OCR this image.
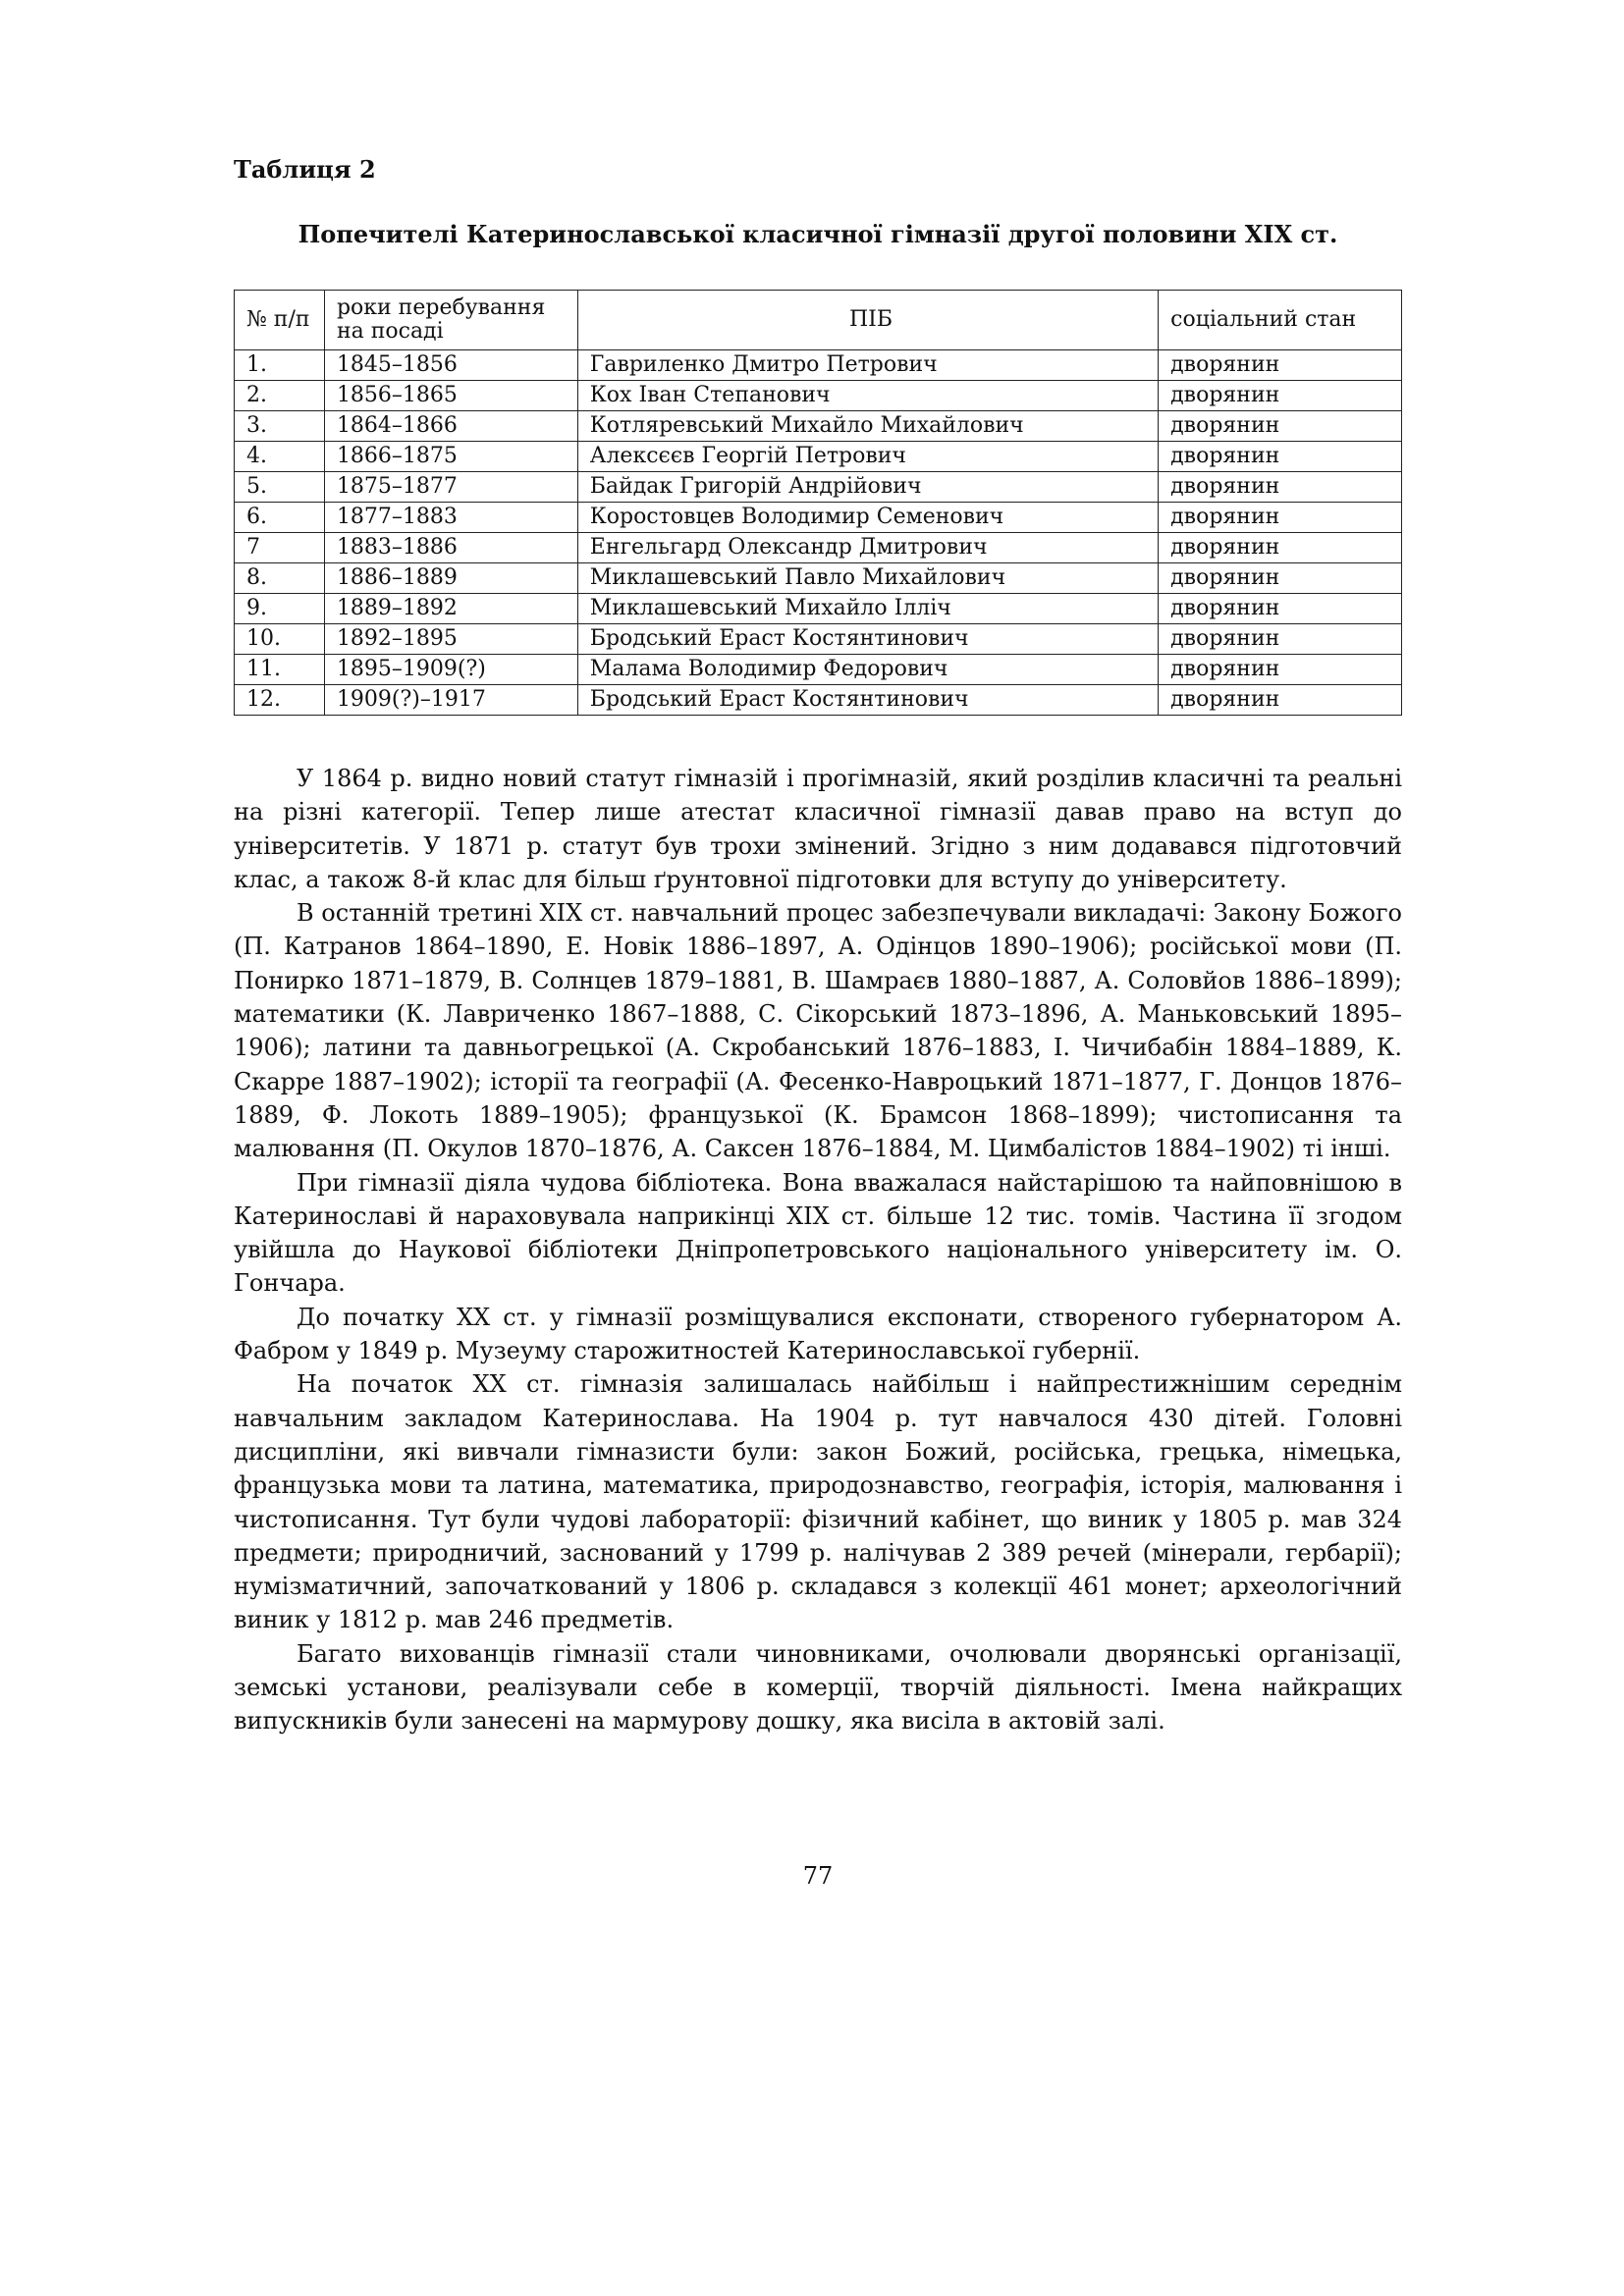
Таблиця 2
Попечителі Катеринославської класичної гімназії другої половини XIX ст.
№ п/п	роки перебування на посаді	ПІБ	соціальний стан
1.	1845–1856	Гавриленко Дмитро Петрович	дворянин
2.	1856–1865	Кох Іван Степанович	дворянин
3.	1864–1866	Котляревський Михайло Михайлович	дворянин
4.	1866–1875	Алексєєв Георгій Петрович	дворянин
5.	1875–1877	Байдак Григорій Андрійович	дворянин
6.	1877–1883	Коростовцев Володимир Семенович	дворянин
7	1883–1886	Енгельгард Олександр Дмитрович	дворянин
8.	1886–1889	Миклашевський Павло Михайлович	дворянин
9.	1889–1892	Миклашевський Михайло Ілліч	дворянин
10.	1892–1895	Бродський Ераст Костянтинович	дворянин
11.	1895–1909(?)	Малама Володимир Федорович	дворянин
12.	1909(?)–1917	Бродський Ераст Костянтинович	дворянин

У 1864 р. видно новий статут гімназій і прогімназій, який розділив класичні та реальні на різні категорії. Тепер лише атестат класичної гімназії давав право на вступ до університетів. У 1871 р. статут був трохи змінений. Згідно з ним додавався підготовчий клас, а також 8-й клас для більш ґрунтовної підготовки для вступу до університету.

В останній третині XIX ст. навчальний процес забезпечували викладачі: Закону Божого (П. Катранов 1864–1890, Е. Новік 1886–1897, А. Одінцов 1890–1906); російської мови (П. Понирко 1871–1879, В. Солнцев 1879–1881, В. Шамраєв 1880–1887, А. Соловйов 1886–1899); математики (К. Лавриченко 1867–1888, С. Сікорський 1873–1896, А. Маньковський 1895–1906); латини та давньогрецької (А. Скробанський 1876–1883, І. Чичибабін 1884–1889, К. Скарре 1887–1902); історії та географії (А. Фесенко-Навроцький 1871–1877, Г. Донцов 1876–1889, Ф. Локоть 1889–1905); французької (К. Брамсон 1868–1899); чистописання та малювання (П. Окулов 1870–1876, А. Саксен 1876–1884, М. Цимбалістов 1884–1902) ті інші.

При гімназії діяла чудова бібліотека. Вона вважалася найстарішою та найповнішою в Катеринославі й нараховувала наприкінці XIX ст. більше 12 тис. томів. Частина її згодом увійшла до Наукової бібліотеки Дніпропетровського національного університету ім. О. Гончара.

До початку XX ст. у гімназії розміщувалися експонати, створеного губернатором А. Фабром у 1849 р. Музеуму старожитностей Катеринославської губернії.

На початок XX ст. гімназія залишалась найбільш і найпрестижнішим середнім навчальним закладом Катеринослава. На 1904 р. тут навчалося 430 дітей. Головні дисципліни, які вивчали гімназисти були: закон Божий, російська, грецька, німецька, французька мови та латина, математика, природознавство, географія, історія, малювання і чистописання. Тут були чудові лабораторії: фізичний кабінет, що виник у 1805 р. мав 324 предмети; природничий, заснований у 1799 р. налічував 2 389 речей (мінерали, гербарії); нумізматичний, започаткований у 1806 р. складався з колекції 461 монет; археологічний виник у 1812 р. мав 246 предметів.

Багато вихованців гімназії стали чиновниками, очолювали дворянські організації, земські установи, реалізували себе в комерції, творчій діяльності. Імена найкращих випускників були занесені на мармурову дошку, яка висіла в актовій залі.

77
